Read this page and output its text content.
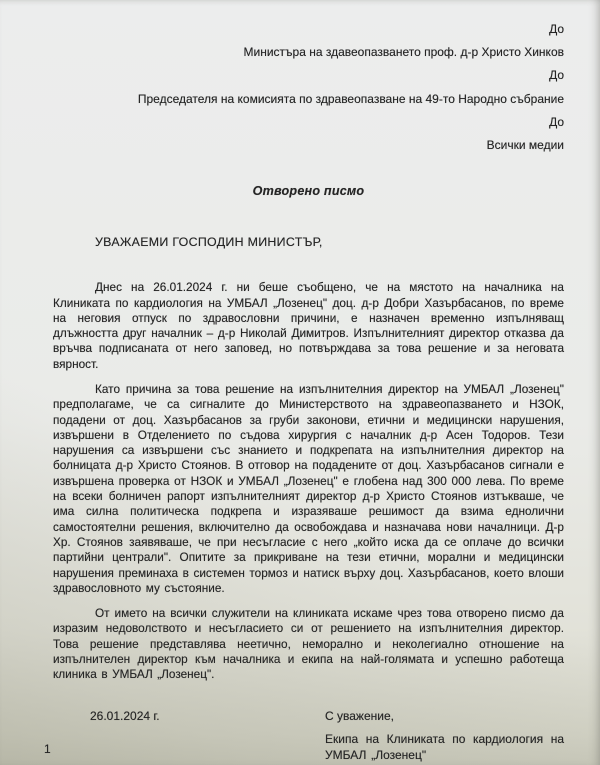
До
Министъра на здавеопазването проф. д-р Христо Хинков
До
Председателя на комисията по здравеопазване на 49-то Народно събрание
До
Всички медии
Отворено писмо
УВАЖАЕМИ ГОСПОДИН МИНИСТЪР,

Днес на 26.01.2024 г. ни беше съобщено, че на мястото на началника на Клиниката по кардиология на УМБАЛ „Лозенец" доц. д-р Добри Хазърбасанов, по време на неговия отпуск по здравословни причини, е назначен временно изпълняващ длъжността друг началник – д-р Николай Димитров. Изпълнителният директор отказва да връчва подписаната от него заповед, но потвърждава за това решение и за неговата вярност.

Като причина за това решение на изпълнителния директор на УМБАЛ „Лозенец" предполагаме, че са сигналите до Министерството на здравеопазването и НЗОК, подадени от доц. Хазърбасанов за груби законови, етични и медицински нарушения, извършени в Отделението по съдова хирургия с началник д-р Асен Тодоров. Тези нарушения са извършени със знанието и подкрепата на изпълнителния директор на болницата д-р Христо Стоянов. В отговор на подадените от доц. Хазърбасанов сигнали е извършена проверка от НЗОК и УМБАЛ „Лозенец" е глобена над 300 000 лева. По време на всеки болничен рапорт изпълнителният директор д-р Христо Стоянов изтъкваше, че има силна политическа подкрепа и изразяваше решимост да взима еднолични самостоятелни решения, включително да освобождава и назначава нови началници. Д-р Хр. Стоянов заявяваше, че при несъгласие с него „който иска да се оплаче до всички партийни централи". Опитите за прикриване на тези етични, морални и медицински нарушения преминаха в системен тормоз и натиск върху доц. Хазърбасанов, което влоши здравословното му състояние.

От името на всички служители на клиниката искаме чрез това отворено писмо да изразим недоволството и несъгласието си от решението на изпълнителния директор. Това решение представлява неетично, неморално и неколегиално отношение на изпълнителен директор към началника и екипа на най-голямата и успешно работеща клиника в УМБАЛ „Лозенец".

26.01.2024 г.	С уважение,
Екипа на Клиниката по кардиология на УМБАЛ „Лозенец"
1
